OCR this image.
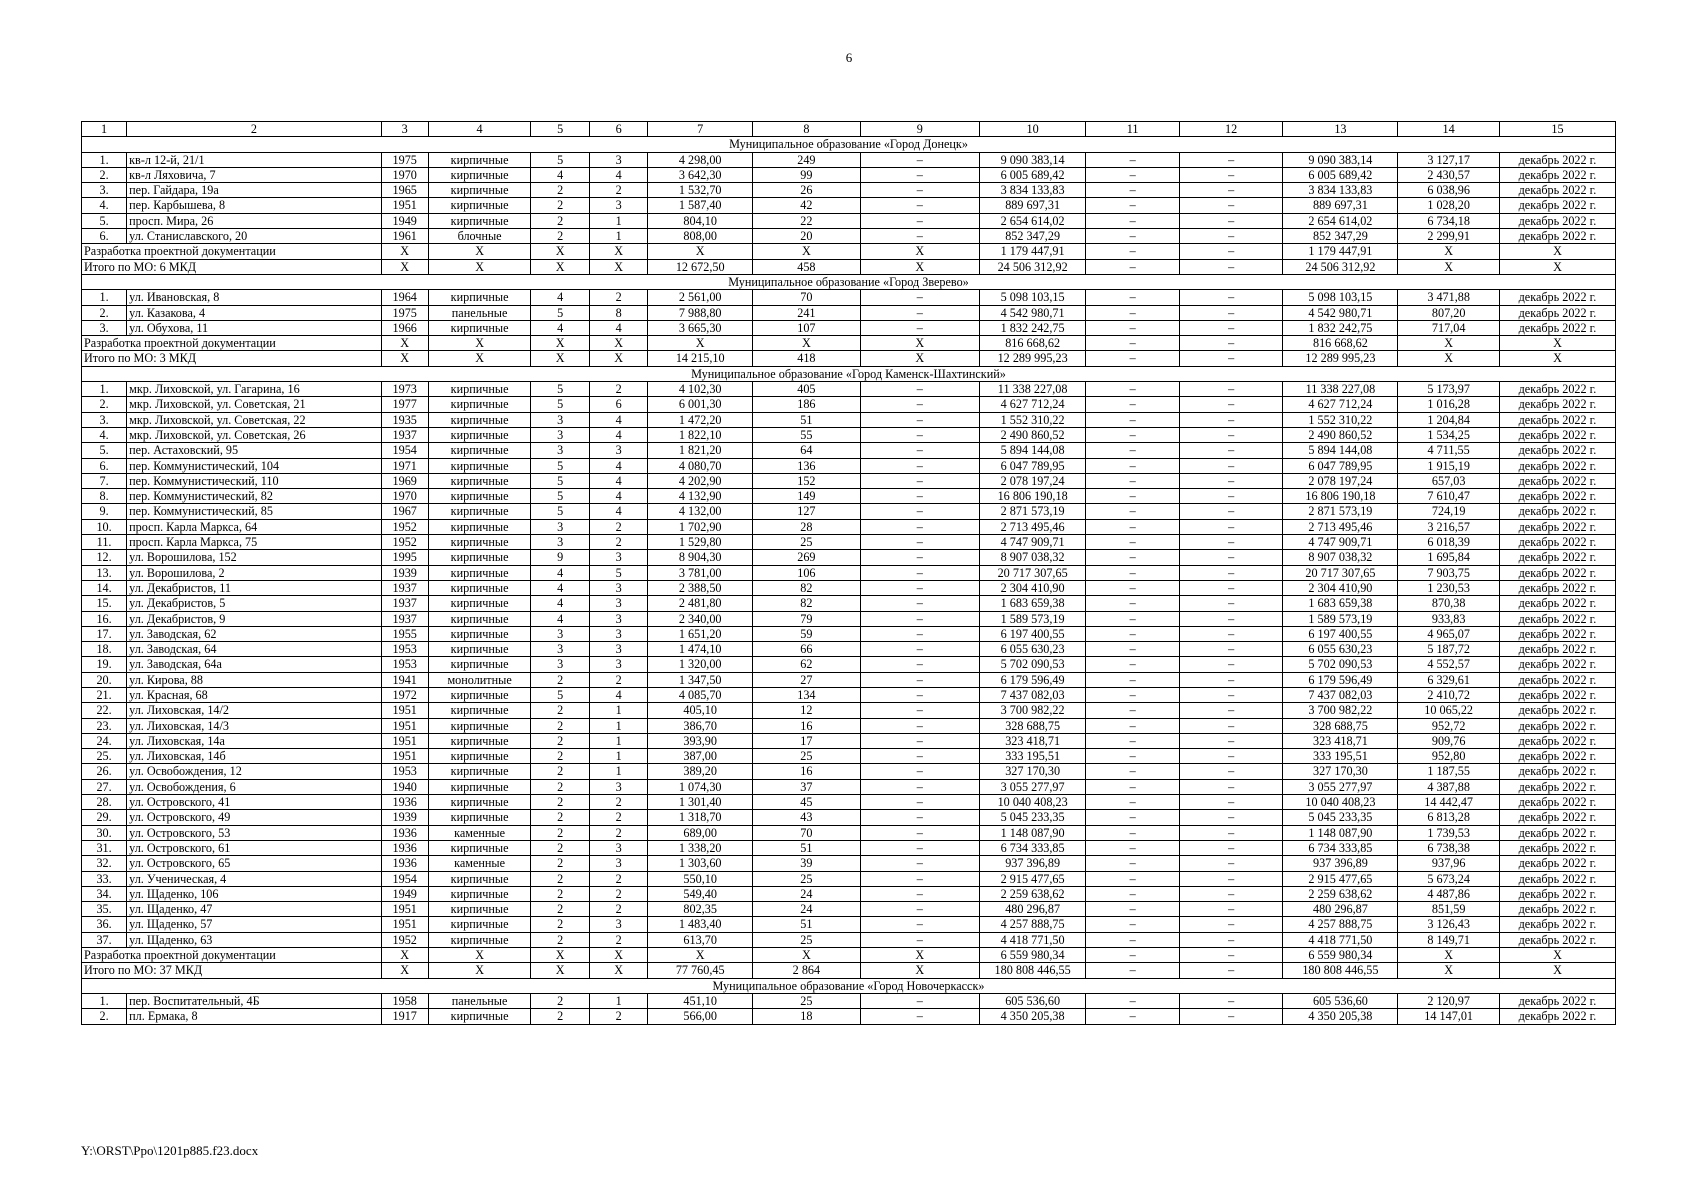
6
1	2	3	4	5	6	7	8	9	10	11	12	13	14	15
Муниципальное образование «Город Донецк»														
1.	кв-л 12-й, 21/1	1975	кирпичные	5	3	4 298,00	249	–	9 090 383,14	–	–	9 090 383,14	3 127,17	декабрь 2022 г.
2.	кв-л Ляховича, 7	1970	кирпичные	4	4	3 642,30	99	–	6 005 689,42	–	–	6 005 689,42	2 430,57	декабрь 2022 г.
3.	пер. Гайдара, 19а	1965	кирпичные	2	2	1 532,70	26	–	3 834 133,83	–	–	3 834 133,83	6 038,96	декабрь 2022 г.
4.	пер. Карбышева, 8	1951	кирпичные	2	3	1 587,40	42	–	889 697,31	–	–	889 697,31	1 028,20	декабрь 2022 г.
5.	просп. Мира, 26	1949	кирпичные	2	1	804,10	22	–	2 654 614,02	–	–	2 654 614,02	6 734,18	декабрь 2022 г.
6.	ул. Станиславского, 20	1961	блочные	2	1	808,00	20	–	852 347,29	–	–	852 347,29	2 299,91	декабрь 2022 г.
Разработка проектной документации		X	X	X	X	X	X	X	1 179 447,91	–	–	1 179 447,91	X	X
Итого по МО: 6 МКД		X	X	X	X	12 672,50	458	X	24 506 312,92	–	–	24 506 312,92	X	X
Муниципальное образование «Город Зверево»														
1.	ул. Ивановская, 8	1964	кирпичные	4	2	2 561,00	70	–	5 098 103,15	–	–	5 098 103,15	3 471,88	декабрь 2022 г.
2.	ул. Казакова, 4	1975	панельные	5	8	7 988,80	241	–	4 542 980,71	–	–	4 542 980,71	807,20	декабрь 2022 г.
3.	ул. Обухова, 11	1966	кирпичные	4	4	3 665,30	107	–	1 832 242,75	–	–	1 832 242,75	717,04	декабрь 2022 г.
Разработка проектной документации		X	X	X	X	X	X	X	816 668,62	–	–	816 668,62	X	X
Итого по МО: 3 МКД		X	X	X	X	14 215,10	418	X	12 289 995,23	–	–	12 289 995,23	X	X
Муниципальное образование «Город Каменск-Шахтинский»														
1.	мкр. Лиховской, ул. Гагарина, 16	1973	кирпичные	5	2	4 102,30	405	–	11 338 227,08	–	–	11 338 227,08	5 173,97	декабрь 2022 г.
2.	мкр. Лиховской, ул. Советская, 21	1977	кирпичные	5	6	6 001,30	186	–	4 627 712,24	–	–	4 627 712,24	1 016,28	декабрь 2022 г.
3.	мкр. Лиховской, ул. Советская, 22	1935	кирпичные	3	4	1 472,20	51	–	1 552 310,22	–	–	1 552 310,22	1 204,84	декабрь 2022 г.
4.	мкр. Лиховской, ул. Советская, 26	1937	кирпичные	3	4	1 822,10	55	–	2 490 860,52	–	–	2 490 860,52	1 534,25	декабрь 2022 г.
5.	пер. Астаховский, 95	1954	кирпичные	3	3	1 821,20	64	–	5 894 144,08	–	–	5 894 144,08	4 711,55	декабрь 2022 г.
6.	пер. Коммунистический, 104	1971	кирпичные	5	4	4 080,70	136	–	6 047 789,95	–	–	6 047 789,95	1 915,19	декабрь 2022 г.
7.	пер. Коммунистический, 110	1969	кирпичные	5	4	4 202,90	152	–	2 078 197,24	–	–	2 078 197,24	657,03	декабрь 2022 г.
8.	пер. Коммунистический, 82	1970	кирпичные	5	4	4 132,90	149	–	16 806 190,18	–	–	16 806 190,18	7 610,47	декабрь 2022 г.
9.	пер. Коммунистический, 85	1967	кирпичные	5	4	4 132,00	127	–	2 871 573,19	–	–	2 871 573,19	724,19	декабрь 2022 г.
10.	просп. Карла Маркса, 64	1952	кирпичные	3	2	1 702,90	28	–	2 713 495,46	–	–	2 713 495,46	3 216,57	декабрь 2022 г.
11.	просп. Карла Маркса, 75	1952	кирпичные	3	2	1 529,80	25	–	4 747 909,71	–	–	4 747 909,71	6 018,39	декабрь 2022 г.
12.	ул. Ворошилова, 152	1995	кирпичные	9	3	8 904,30	269	–	8 907 038,32	–	–	8 907 038,32	1 695,84	декабрь 2022 г.
13.	ул. Ворошилова, 2	1939	кирпичные	4	5	3 781,00	106	–	20 717 307,65	–	–	20 717 307,65	7 903,75	декабрь 2022 г.
14.	ул. Декабристов, 11	1937	кирпичные	4	3	2 388,50	82	–	2 304 410,90	–	–	2 304 410,90	1 230,53	декабрь 2022 г.
15.	ул. Декабристов, 5	1937	кирпичные	4	3	2 481,80	82	–	1 683 659,38	–	–	1 683 659,38	870,38	декабрь 2022 г.
16.	ул. Декабристов, 9	1937	кирпичные	4	3	2 340,00	79	–	1 589 573,19	–	–	1 589 573,19	933,83	декабрь 2022 г.
17.	ул. Заводская, 62	1955	кирпичные	3	3	1 651,20	59	–	6 197 400,55	–	–	6 197 400,55	4 965,07	декабрь 2022 г.
18.	ул. Заводская, 64	1953	кирпичные	3	3	1 474,10	66	–	6 055 630,23	–	–	6 055 630,23	5 187,72	декабрь 2022 г.
19.	ул. Заводская, 64а	1953	кирпичные	3	3	1 320,00	62	–	5 702 090,53	–	–	5 702 090,53	4 552,57	декабрь 2022 г.
20.	ул. Кирова, 88	1941	монолитные	2	2	1 347,50	27	–	6 179 596,49	–	–	6 179 596,49	6 329,61	декабрь 2022 г.
21.	ул. Красная, 68	1972	кирпичные	5	4	4 085,70	134	–	7 437 082,03	–	–	7 437 082,03	2 410,72	декабрь 2022 г.
22.	ул. Лиховская, 14/2	1951	кирпичные	2	1	405,10	12	–	3 700 982,22	–	–	3 700 982,22	10 065,22	декабрь 2022 г.
23.	ул. Лиховская, 14/3	1951	кирпичные	2	1	386,70	16	–	328 688,75	–	–	328 688,75	952,72	декабрь 2022 г.
24.	ул. Лиховская, 14а	1951	кирпичные	2	1	393,90	17	–	323 418,71	–	–	323 418,71	909,76	декабрь 2022 г.
25.	ул. Лиховская, 14б	1951	кирпичные	2	1	387,00	25	–	333 195,51	–	–	333 195,51	952,80	декабрь 2022 г.
26.	ул. Освобождения, 12	1953	кирпичные	2	1	389,20	16	–	327 170,30	–	–	327 170,30	1 187,55	декабрь 2022 г.
27.	ул. Освобождения, 6	1940	кирпичные	2	3	1 074,30	37	–	3 055 277,97	–	–	3 055 277,97	4 387,88	декабрь 2022 г.
28.	ул. Островского, 41	1936	кирпичные	2	2	1 301,40	45	–	10 040 408,23	–	–	10 040 408,23	14 442,47	декабрь 2022 г.
29.	ул. Островского, 49	1939	кирпичные	2	2	1 318,70	43	–	5 045 233,35	–	–	5 045 233,35	6 813,28	декабрь 2022 г.
30.	ул. Островского, 53	1936	каменные	2	2	689,00	70	–	1 148 087,90	–	–	1 148 087,90	1 739,53	декабрь 2022 г.
31.	ул. Островского, 61	1936	кирпичные	2	3	1 338,20	51	–	6 734 333,85	–	–	6 734 333,85	6 738,38	декабрь 2022 г.
32.	ул. Островского, 65	1936	каменные	2	3	1 303,60	39	–	937 396,89	–	–	937 396,89	937,96	декабрь 2022 г.
33.	ул. Ученическая, 4	1954	кирпичные	2	2	550,10	25	–	2 915 477,65	–	–	2 915 477,65	5 673,24	декабрь 2022 г.
34.	ул. Щаденко, 106	1949	кирпичные	2	2	549,40	24	–	2 259 638,62	–	–	2 259 638,62	4 487,86	декабрь 2022 г.
35.	ул. Щаденко, 47	1951	кирпичные	2	2	802,35	24	–	480 296,87	–	–	480 296,87	851,59	декабрь 2022 г.
36.	ул. Щаденко, 57	1951	кирпичные	2	3	1 483,40	51	–	4 257 888,75	–	–	4 257 888,75	3 126,43	декабрь 2022 г.
37.	ул. Щаденко, 63	1952	кирпичные	2	2	613,70	25	–	4 418 771,50	–	–	4 418 771,50	8 149,71	декабрь 2022 г.
Разработка проектной документации		X	X	X	X	X	X	X	6 559 980,34	–	–	6 559 980,34	X	X
Итого по МО: 37 МКД		X	X	X	X	77 760,45	2 864	X	180 808 446,55	–	–	180 808 446,55	X	X
Муниципальное образование «Город Новочеркасск»														
1.	пер. Воспитательный, 4Б	1958	панельные	2	1	451,10	25	–	605 536,60	–	–	605 536,60	2 120,97	декабрь 2022 г.
2.	пл. Ермака, 8	1917	кирпичные	2	2	566,00	18	–	4 350 205,38	–	–	4 350 205,38	14 147,01	декабрь 2022 г.
Y:\ORST\Ppo\1201p885.f23.docx
